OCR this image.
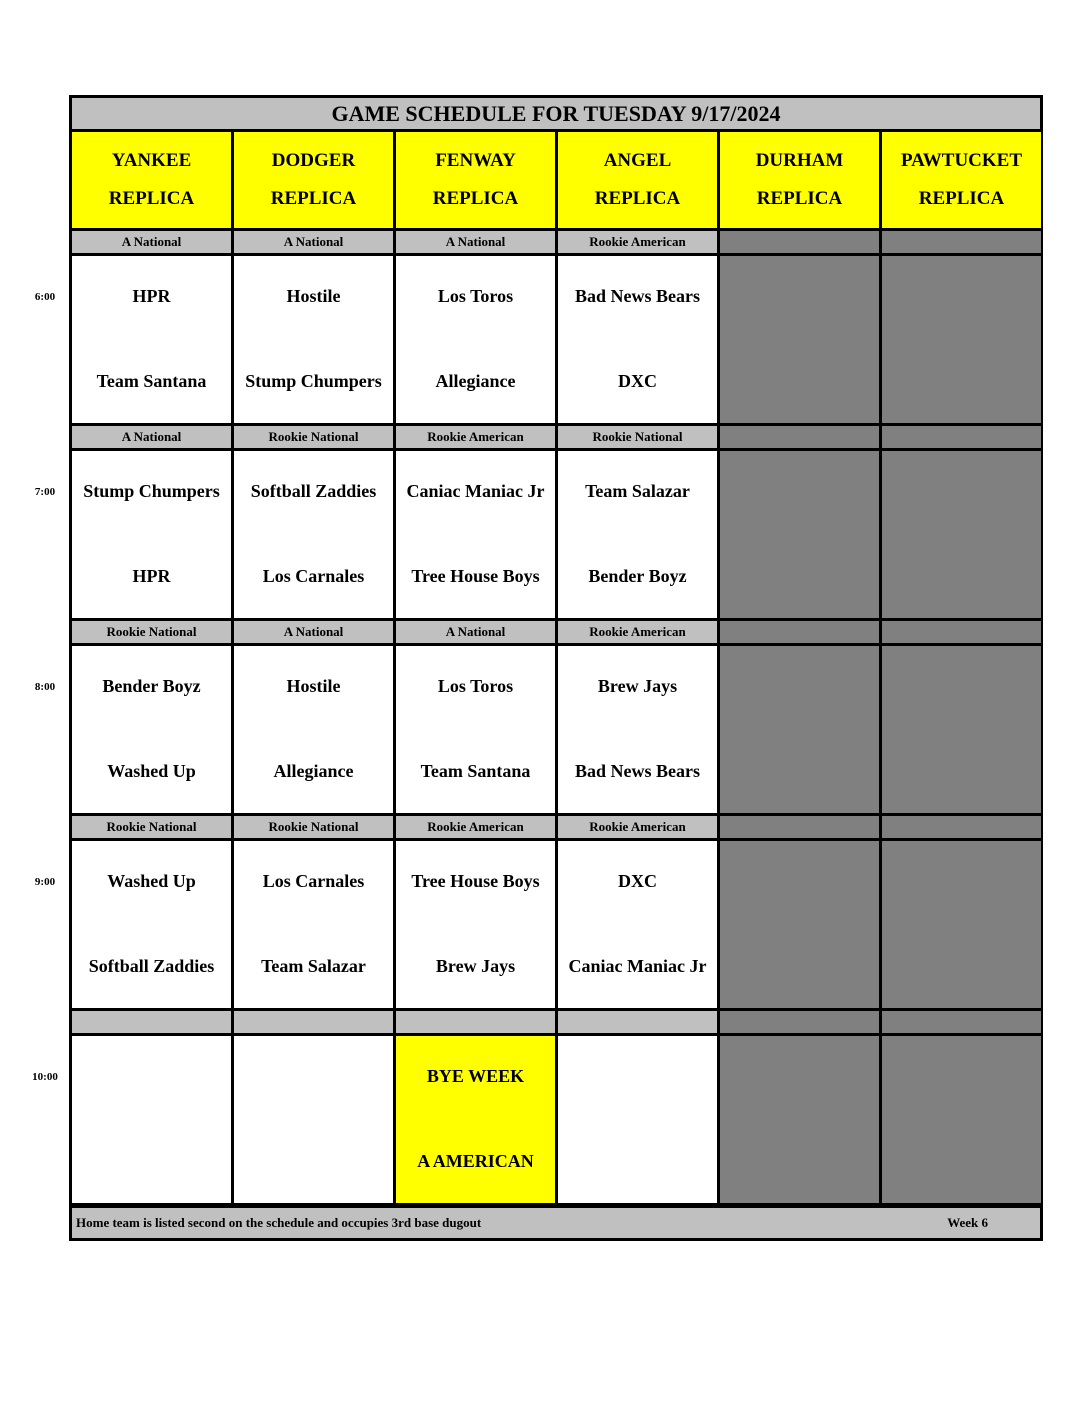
GAME SCHEDULE FOR TUESDAY 9/17/2024
YANKEE
REPLICA
DODGER
REPLICA
FENWAY
REPLICA
ANGEL
REPLICA
DURHAM
REPLICA
PAWTUCKET
REPLICA
A National
HPR
Team Santana
A National
Hostile
Stump Chumpers
A National
Los Toros
Allegiance
Rookie American
Bad News Bears
DXC
A National
Stump Chumpers
HPR
Rookie National
Softball Zaddies
Los Carnales
Rookie American
Caniac Maniac Jr
Tree House Boys
Rookie National
Team Salazar
Bender Boyz
Rookie National
Bender Boyz
Washed Up
A National
Hostile
Allegiance
A National
Los Toros
Team Santana
Rookie American
Brew Jays
Bad News Bears
Rookie National
Washed Up
Softball Zaddies
Rookie National
Los Carnales
Team Salazar
Rookie American
Tree House Boys
Brew Jays
Rookie American
DXC
Caniac Maniac Jr
BYE WEEK
A AMERICAN
Home team is listed second on the schedule and occupies 3rd base dugout	Week 6
6:00
7:00
8:00
9:00
10:00
